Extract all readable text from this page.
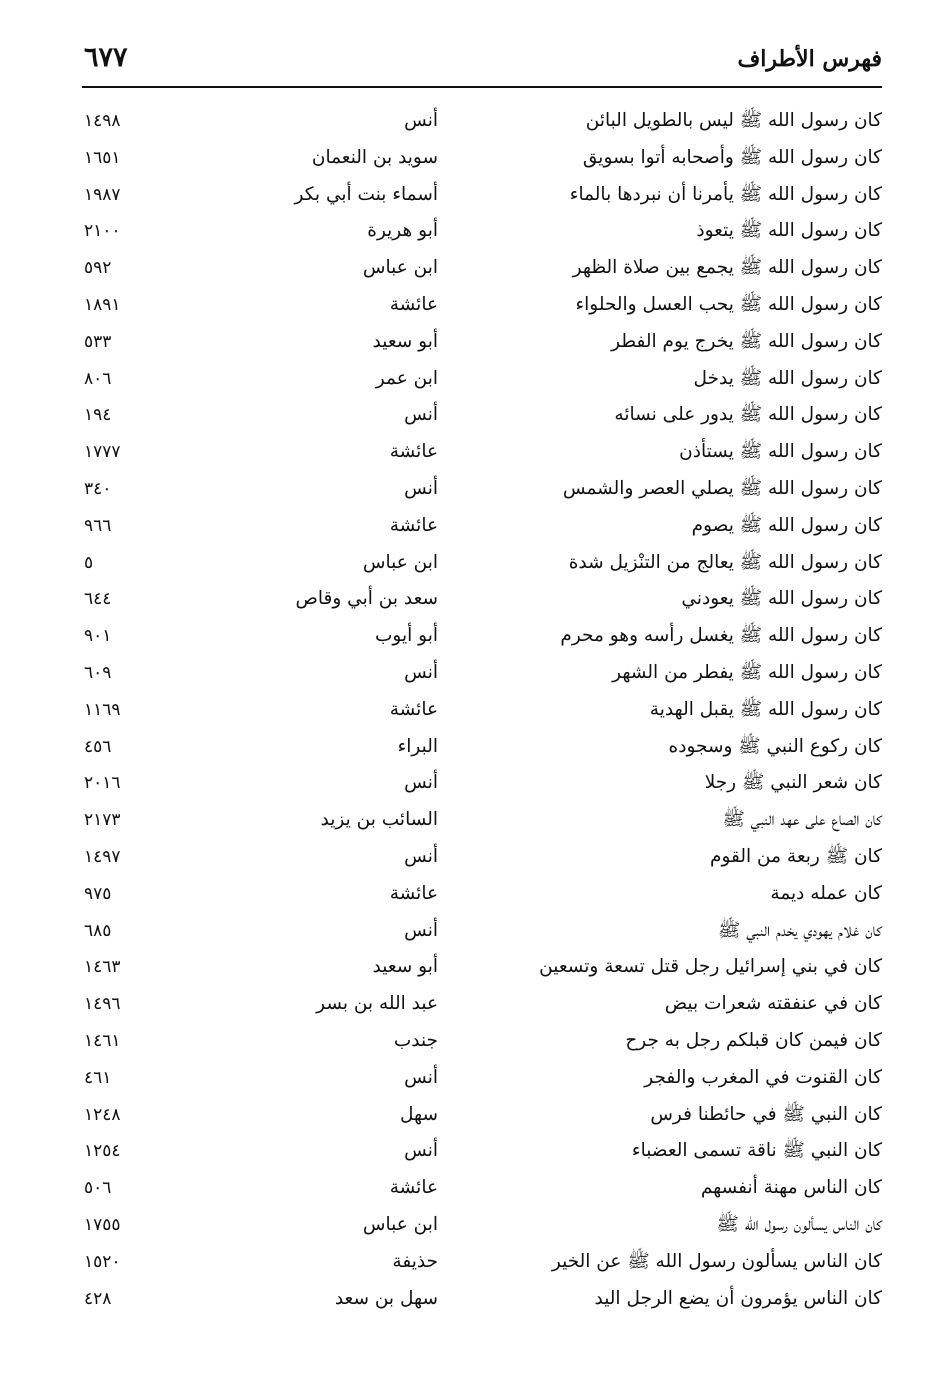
فهرس الأطراف
٦٧٧
كان رسول الله ﷺ ليس بالطويل البائن
أنس
١٤٩٨
كان رسول الله ﷺ وأصحابه أتوا بسويق
سويد بن النعمان
١٦٥١
كان رسول الله ﷺ يأمرنا أن نبردها بالماء
أسماء بنت أبي بكر
١٩٨٧
كان رسول الله ﷺ يتعوذ
أبو هريرة
٢١٠٠
كان رسول الله ﷺ يجمع بين صلاة الظهر
ابن عباس
٥٩٢
كان رسول الله ﷺ يحب العسل والحلواء
عائشة
١٨٩١
كان رسول الله ﷺ يخرج يوم الفطر
أبو سعيد
٥٣٣
كان رسول الله ﷺ يدخل
ابن عمر
٨٠٦
كان رسول الله ﷺ يدور على نسائه
أنس
١٩٤
كان رسول الله ﷺ يستأذن
عائشة
١٧٧٧
كان رسول الله ﷺ يصلي العصر والشمس
أنس
٣٤٠
كان رسول الله ﷺ يصوم
عائشة
٩٦٦
كان رسول الله ﷺ يعالج من التنْزيل شدة
ابن عباس
٥
كان رسول الله ﷺ يعودني
سعد بن أبي وقاص
٦٤٤
كان رسول الله ﷺ يغسل رأسه وهو محرم
أبو أيوب
٩٠١
كان رسول الله ﷺ يفطر من الشهر
أنس
٦٠٩
كان رسول الله ﷺ يقبل الهدية
عائشة
١١٦٩
كان ركوع النبي ﷺ وسجوده
البراء
٤٥٦
كان شعر النبي ﷺ رجلا
أنس
٢٠١٦
كان الصاع على عهد النبي ﷺ
السائب بن يزيد
٢١٧٣
كان ﷺ ربعة من القوم
أنس
١٤٩٧
كان عمله ديمة
عائشة
٩٧٥
كان غلام يهودي يخدم النبي ﷺ
أنس
٦٨٥
كان في بني إسرائيل رجل قتل تسعة وتسعين
أبو سعيد
١٤٦٣
كان في عنفقته شعرات بيض
عبد الله بن بسر
١٤٩٦
كان فيمن كان قبلكم رجل به جرح
جندب
١٤٦١
كان القنوت في المغرب والفجر
أنس
٤٦١
كان النبي ﷺ في حائطنا فرس
سهل
١٢٤٨
كان النبي ﷺ ناقة تسمى العضباء
أنس
١٢٥٤
كان الناس مهنة أنفسهم
عائشة
٥٠٦
كان الناس يسألون رسول الله ﷺ
ابن عباس
١٧٥٥
كان الناس يسألون رسول الله ﷺ عن الخير
حذيفة
١٥٢٠
كان الناس يؤمرون أن يضع الرجل اليد
سهل بن سعد
٤٢٨
